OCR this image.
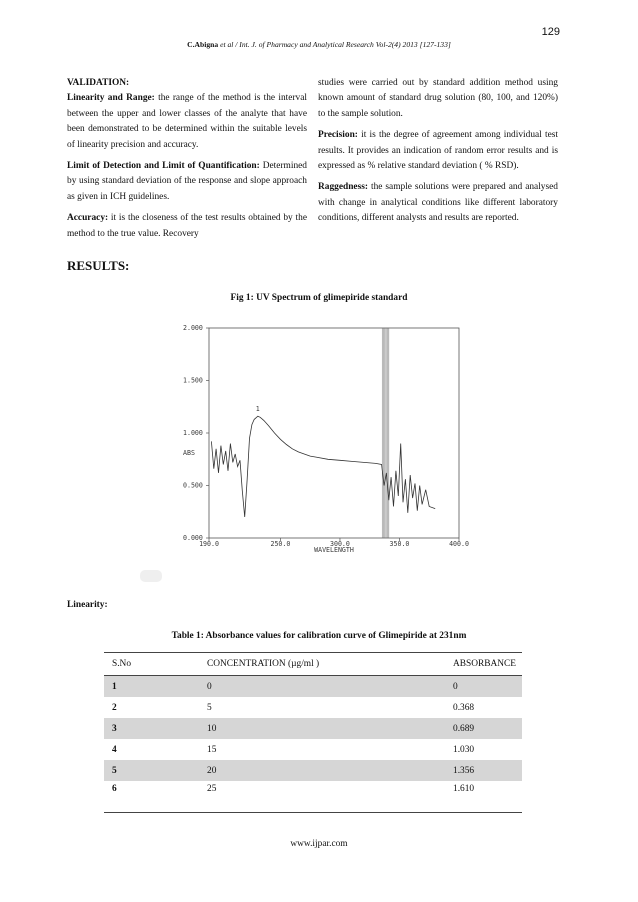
129
C.Abigna et al / Int. J. of Pharmacy and Analytical Research Vol-2(4) 2013 [127-133]
VALIDATION:

Linearity and Range: the range of the method is the interval between the upper and lower classes of the analyte that have been demonstrated to be determined within the suitable levels of linearity precision and accuracy.

Limit of Detection and Limit of Quantification: Determined by using standard deviation of the response and slope approach as given in ICH guidelines.

Accuracy: it is the closeness of the test results obtained by the method to the true value. Recovery

studies were carried out by standard addition method using known amount of standard drug solution (80, 100, and 120%) to the sample solution.

Precision: it is the degree of agreement among individual test results. It provides an indication of random error results and is expressed as % relative standard deviation ( % RSD).

Raggedness: the sample solutions were prepared and analysed with change in analytical conditions like different laboratory conditions, different analysts and results are reported.

RESULTS:
Fig 1: UV Spectrum of glimepiride standard
0.000
0.500
1.000
1.500
2.000
190.0	250.0	300.0	350.0	400.0
1
ABS
WAVELENGTH
Linearity:
Table 1: Absorbance values for calibration curve of Glimepiride at 231nm
S.No	CONCENTRATION (µg/ml )	ABSORBANCE
1	0	0
2	5	0.368
3	10	0.689
4	15	1.030
5	20	1.356
6	25	1.610
www.ijpar.com
